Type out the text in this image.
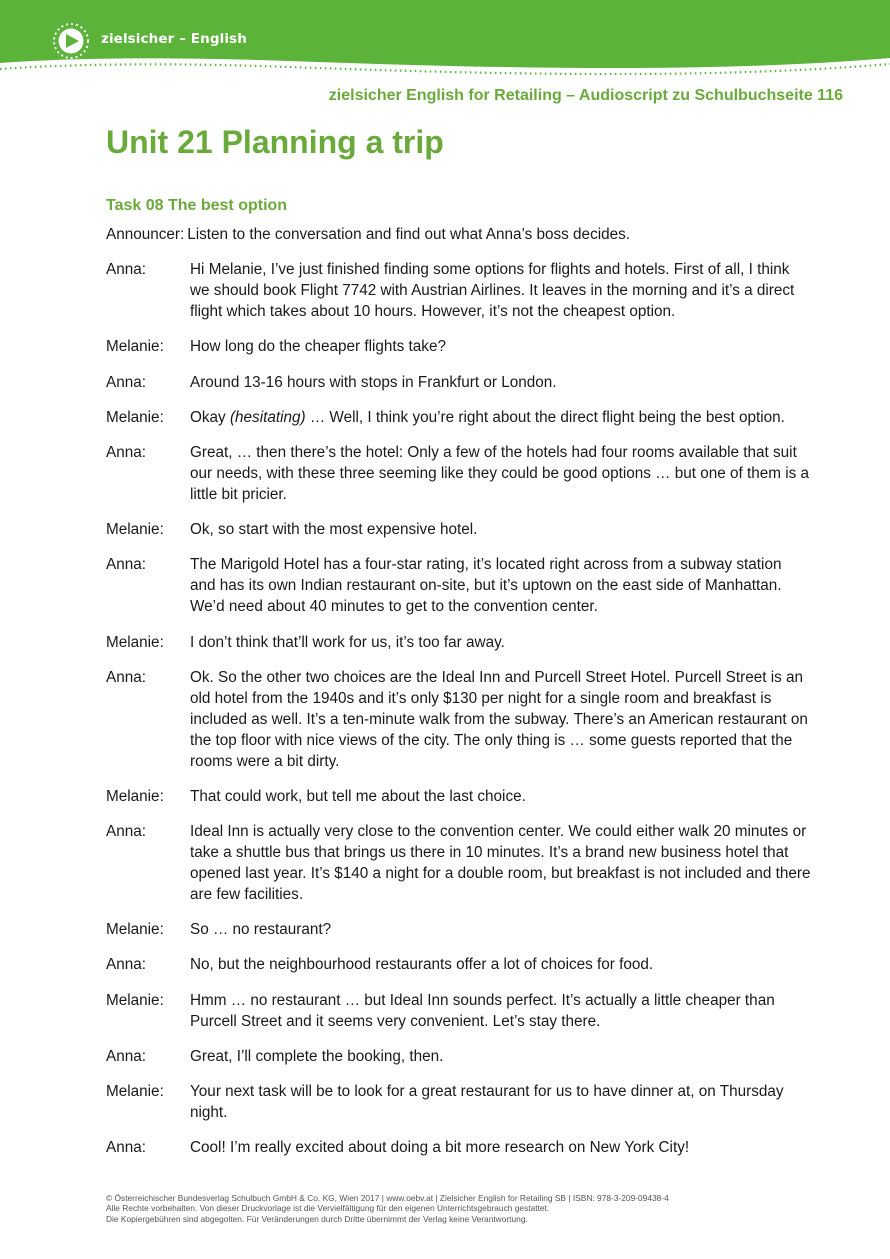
zielsicher – English
zielsicher English for Retailing – Audioscript zu Schulbuchseite 116
Unit 21 Planning a trip
Task 08 The best option
Announcer: Listen to the conversation and find out what Anna’s boss decides.
Anna:	Hi Melanie, I’ve just finished finding some options for flights and hotels. First of all, I think we should book Flight 7742 with Austrian Airlines. It leaves in the morning and it’s a direct flight which takes about 10 hours. However, it’s not the cheapest option.
Melanie:	How long do the cheaper flights take?
Anna:	Around 13-16 hours with stops in Frankfurt or London.
Melanie:	Okay (hesitating) … Well, I think you’re right about the direct flight being the best option.
Anna:	Great, … then there’s the hotel: Only a few of the hotels had four rooms available that suit our needs, with these three seeming like they could be good options … but one of them is a little bit pricier.
Melanie:	Ok, so start with the most expensive hotel.
Anna:	The Marigold Hotel has a four-star rating, it’s located right across from a subway station and has its own Indian restaurant on-site, but it’s uptown on the east side of Manhattan. We’d need about 40 minutes to get to the convention center.
Melanie:	I don’t think that’ll work for us, it’s too far away.
Anna:	Ok. So the other two choices are the Ideal Inn and Purcell Street Hotel. Purcell Street is an old hotel from the 1940s and it’s only $130 per night for a single room and breakfast is included as well. It’s a ten-minute walk from the subway. There’s an American restaurant on the top floor with nice views of the city. The only thing is … some guests reported that the rooms were a bit dirty.
Melanie:	That could work, but tell me about the last choice.
Anna:	Ideal Inn is actually very close to the convention center. We could either walk 20 minutes or take a shuttle bus that brings us there in 10 minutes. It’s a brand new business hotel that opened last year. It’s $140 a night for a double room, but breakfast is not included and there are few facilities.
Melanie:	So … no restaurant?
Anna:	No, but the neighbourhood restaurants offer a lot of choices for food.
Melanie:	Hmm … no restaurant … but Ideal Inn sounds perfect. It’s actually a little cheaper than Purcell Street and it seems very convenient. Let’s stay there.
Anna:	Great, I’ll complete the booking, then.
Melanie:	Your next task will be to look for a great restaurant for us to have dinner at, on Thursday night.
Anna:	Cool! I’m really excited about doing a bit more research on New York City!
© Österreichischer Bundesverlag Schulbuch GmbH & Co. KG, Wien 2017 | www.oebv.at | Zielsicher English for Retailing SB | ISBN: 978-3-209-09438-4
Alle Rechte vorbehalten. Von dieser Druckvorlage ist die Vervielfältigung für den eigenen Unterrichtsgebrauch gestattet.
Die Kopiergebühren sind abgegolten. Für Veränderungen durch Dritte übernimmt der Verlag keine Verantwortung.
